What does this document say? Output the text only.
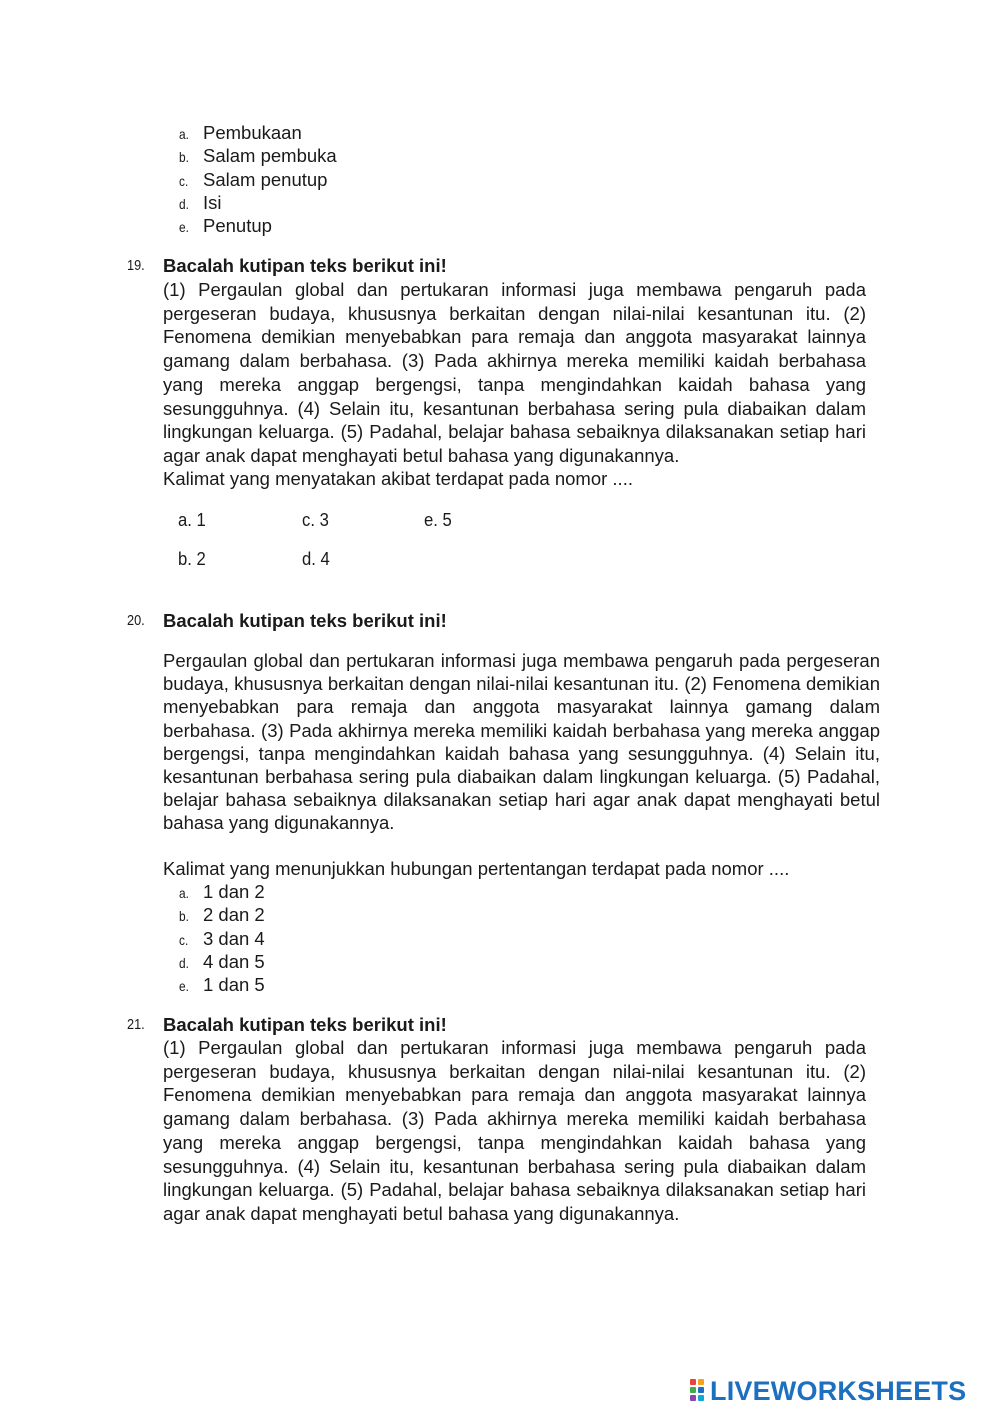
a. Pembukaan
b. Salam pembuka
c. Salam penutup
d. Isi
e. Penutup
19. Bacalah kutipan teks berikut ini!

(1) Pergaulan global dan pertukaran informasi juga membawa pengaruh pada pergeseran budaya, khususnya berkaitan dengan nilai-nilai kesantunan itu. (2) Fenomena demikian menyebabkan para remaja dan anggota masyarakat lainnya gamang dalam berbahasa. (3) Pada akhirnya mereka memiliki kaidah berbahasa yang mereka anggap bergengsi, tanpa mengindahkan kaidah bahasa yang sesungguhnya. (4) Selain itu, kesantunan berbahasa sering pula diabaikan dalam lingkungan keluarga. (5) Padahal, belajar bahasa sebaiknya dilaksanakan setiap hari agar anak dapat menghayati betul bahasa yang digunakannya.

Kalimat yang menyatakan akibat terdapat pada nomor ....
a. 1	c. 3	e. 5
b. 2	d. 4
20. Bacalah kutipan teks berikut ini!

Pergaulan global dan pertukaran informasi juga membawa pengaruh pada pergeseran budaya, khususnya berkaitan dengan nilai-nilai kesantunan itu. (2) Fenomena demikian menyebabkan para remaja dan anggota masyarakat lainnya gamang dalam berbahasa. (3) Pada akhirnya mereka memiliki kaidah berbahasa yang mereka anggap bergengsi, tanpa mengindahkan kaidah bahasa yang sesungguhnya. (4) Selain itu, kesantunan berbahasa sering pula diabaikan dalam lingkungan keluarga. (5) Padahal, belajar bahasa sebaiknya dilaksanakan setiap hari agar anak dapat menghayati betul bahasa yang digunakannya.

Kalimat yang menunjukkan hubungan pertentangan terdapat pada nomor ....
a. 1 dan 2
b. 2 dan 2
c. 3 dan 4
d. 4 dan 5
e. 1 dan 5
21. Bacalah kutipan teks berikut ini!

(1) Pergaulan global dan pertukaran informasi juga membawa pengaruh pada pergeseran budaya, khususnya berkaitan dengan nilai-nilai kesantunan itu. (2) Fenomena demikian menyebabkan para remaja dan anggota masyarakat lainnya gamang dalam berbahasa. (3) Pada akhirnya mereka memiliki kaidah berbahasa yang mereka anggap bergengsi, tanpa mengindahkan kaidah bahasa yang sesungguhnya. (4) Selain itu, kesantunan berbahasa sering pula diabaikan dalam lingkungan keluarga. (5) Padahal, belajar bahasa sebaiknya dilaksanakan setiap hari agar anak dapat menghayati betul bahasa yang digunakannya.

LIVEWORKSHEETS
